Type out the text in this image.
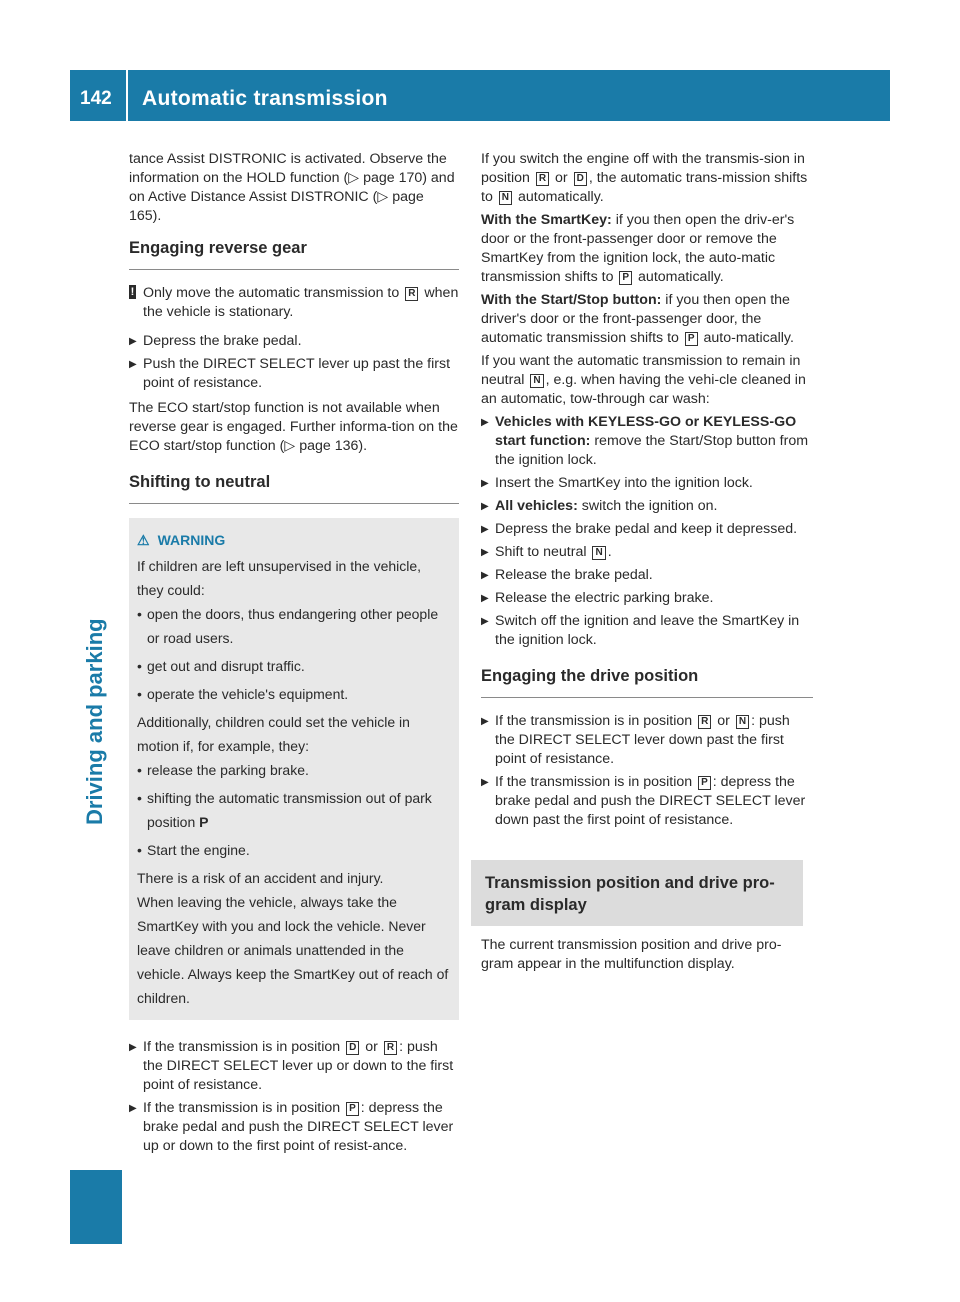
142 Automatic transmission
Driving and parking

tance Assist DISTRONIC is activated. Observe the information on the HOLD function (▷ page 170) and on Active Distance Assist DISTRONIC (▷ page 165).

Engaging reverse gear
! Only move the automatic transmission to R when the vehicle is stationary.
▶ Depress the brake pedal.
▶ Push the DIRECT SELECT lever up past the first point of resistance.

The ECO start/stop function is not available when reverse gear is engaged. Further informa-tion on the ECO start/stop function (▷ page 136).

Shifting to neutral
⚠ WARNING
If children are left unsupervised in the vehicle, they could:
• open the doors, thus endangering other people or road users.
• get out and disrupt traffic.
• operate the vehicle's equipment.
Additionally, children could set the vehicle in motion if, for example, they:
• release the parking brake.
• shifting the automatic transmission out of park position P
• Start the engine.
There is a risk of an accident and injury.
When leaving the vehicle, always take the SmartKey with you and lock the vehicle. Never leave children or animals unattended in the vehicle. Always keep the SmartKey out of reach of children.
▶ If the transmission is in position D or R : push the DIRECT SELECT lever up or down to the first point of resistance.
▶ If the transmission is in position P : depress the brake pedal and push the DIRECT SELECT lever up or down to the first point of resist-ance.

If you switch the engine off with the transmis-sion in position R or D , the automatic trans-mission shifts to N automatically.

With the SmartKey: if you then open the driv-er's door or the front-passenger door or remove the SmartKey from the ignition lock, the auto-matic transmission shifts to P automatically.

With the Start/Stop button: if you then open the driver's door or the front-passenger door, the automatic transmission shifts to P auto-matically.

If you want the automatic transmission to remain in neutral N , e.g. when having the vehi-cle cleaned in an automatic, tow-through car wash:

▶ Vehicles with KEYLESS-GO or KEYLESS-GO start function: remove the Start/Stop button from the ignition lock.
▶ Insert the SmartKey into the ignition lock.
▶ All vehicles: switch the ignition on.
▶ Depress the brake pedal and keep it depressed.
▶ Shift to neutral N .
▶ Release the brake pedal.
▶ Release the electric parking brake.
▶ Switch off the ignition and leave the SmartKey in the ignition lock.
Engaging the drive position
▶ If the transmission is in position R or N : push the DIRECT SELECT lever down past the first point of resistance.
▶ If the transmission is in position P : depress the brake pedal and push the DIRECT SELECT lever down past the first point of resistance.
Transmission position and drive pro-gram display

The current transmission position and drive pro-gram appear in the multifunction display.
